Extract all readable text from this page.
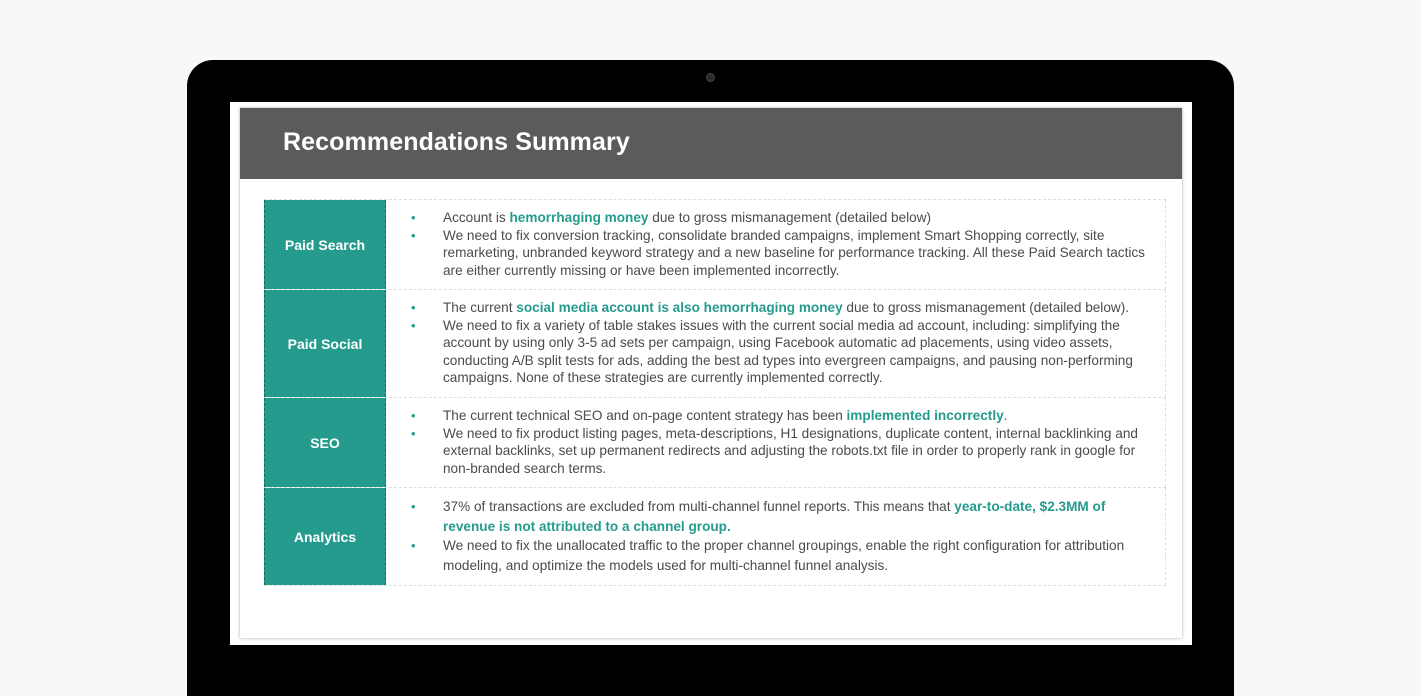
Recommendations Summary
Paid Search
• Account is hemorrhaging money due to gross mismanagement (detailed below)
• We need to fix conversion tracking, consolidate branded campaigns, implement Smart Shopping correctly, site remarketing, unbranded keyword strategy and a new baseline for performance tracking. All these Paid Search tactics are either currently missing or have been implemented incorrectly.
Paid Social
• The current social media account is also hemorrhaging money due to gross mismanagement (detailed below).
• We need to fix a variety of table stakes issues with the current social media ad account, including: simplifying the account by using only 3-5 ad sets per campaign, using Facebook automatic ad placements, using video assets, conducting A/B split tests for ads, adding the best ad types into evergreen campaigns, and pausing non-performing campaigns. None of these strategies are currently implemented correctly.
SEO
• The current technical SEO and on-page content strategy has been implemented incorrectly.
• We need to fix product listing pages, meta-descriptions, H1 designations, duplicate content, internal backlinking and external backlinks, set up permanent redirects and adjusting the robots.txt file in order to properly rank in google for non-branded search terms.
Analytics
• 37% of transactions are excluded from multi-channel funnel reports. This means that year-to-date, $2.3MM of revenue is not attributed to a channel group.
• We need to fix the unallocated traffic to the proper channel groupings, enable the right configuration for attribution modeling, and optimize the models used for multi-channel funnel analysis.
